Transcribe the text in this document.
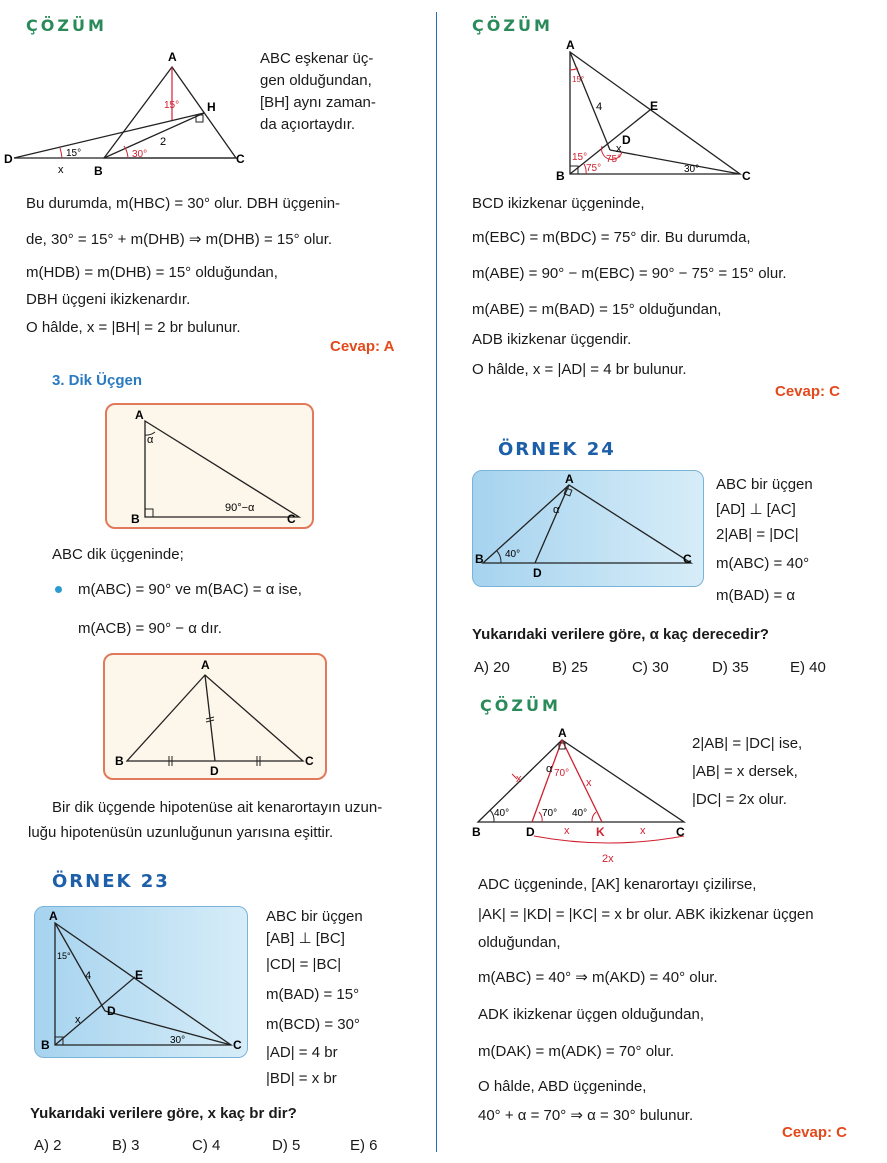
ÇÖZÜM
A
B
C
D
H
x
2
15°	30°
15°
ABC eşkenar üç-
gen olduğundan,
[BH] aynı zaman-
da açıortaydır.
Bu durumda, m(HBC) = 30° olur. DBH üçgenin-
de, 30° = 15° + m(DHB) ⇒ m(DHB) = 15° olur.
m(HDB) = m(DHB) = 15° olduğundan,
DBH üçgeni ikizkenardır.
O hâlde, x = |BH| = 2 br bulunur.
Cevap: A
3. Dik Üçgen
A
B	C
α
90°−α
ABC dik üçgeninde;
m(ABC) = 90° ve m(BAC) = α ise,
m(ACB) = 90° − α dır.
A
B	C
D
Bir dik üçgende hipotenüse ait kenarortayın uzun-
luğu hipotenüsün uzunluğunun yarısına eşittir.
ÖRNEK 23
A
B	C
D
E
4
x
15°
30°
ABC bir üçgen
[AB] ⊥ [BC]
|CD| = |BC|
m(BAD) = 15°
m(BCD) = 30°
|AD| = 4 br
|BD| = x br
Yukarıdaki verilere göre, x kaç br dir?
A) 2	B) 3	C) 4	D) 5	E) 6
ÇÖZÜM
A
B	C
D
E
4
x
15°
75°
75°
30°
15°
BCD ikizkenar üçgeninde,
m(EBC) = m(BDC) = 75° dir. Bu durumda,
m(ABE) = 90° − m(EBC) = 90° − 75° = 15° olur.
m(ABE) = m(BAD) = 15° olduğundan,
ADB ikizkenar üçgendir.
O hâlde, x = |AD| = 4 br bulunur.
Cevap: C
ÖRNEK 24
A
B	C
D
40°
α
ABC bir üçgen
[AD] ⊥ [AC]
2|AB| = |DC|
m(ABC) = 40°
m(BAD) = α
Yukarıdaki verilere göre, α kaç derecedir?
A) 20	B) 25	C) 30	D) 35	E) 40
ÇÖZÜM
A
B	D	K	C
x	x
x	x
2x
40°	70° 40°
70°
α
2|AB| = |DC| ise,
|AB| = x dersek,
|DC| = 2x olur.
ADC üçgeninde, [AK] kenarortayı çizilirse,
|AK| = |KD| = |KC| = x br olur. ABK ikizkenar üçgen
olduğundan,
m(ABC) = 40° ⇒ m(AKD) = 40° olur.
ADK ikizkenar üçgen olduğundan,
m(DAK) = m(ADK) = 70° olur.
O hâlde, ABD üçgeninde,
40° + α = 70° ⇒ α = 30° bulunur.
Cevap: C
